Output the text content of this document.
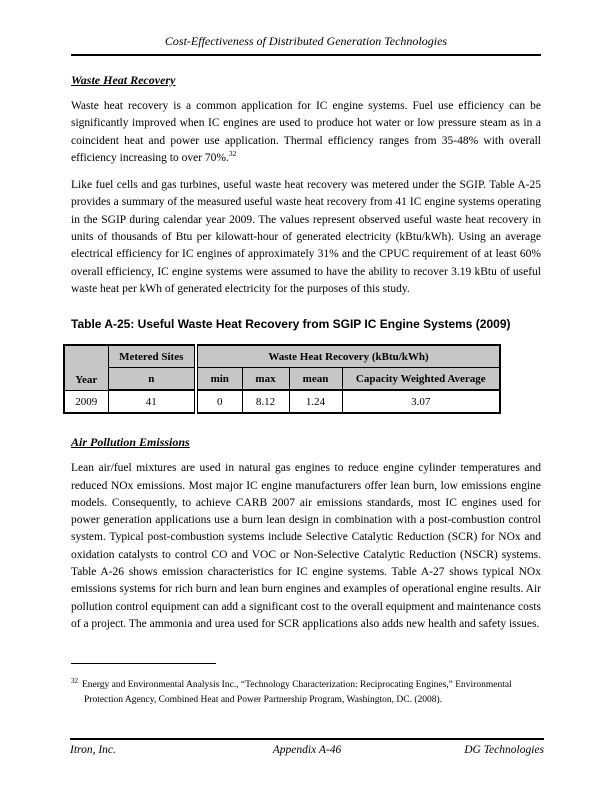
Cost-Effectiveness of Distributed Generation Technologies
Waste Heat Recovery

Waste heat recovery is a common application for IC engine systems. Fuel use efficiency can be significantly improved when IC engines are used to produce hot water or low pressure steam as in a coincident heat and power use application. Thermal efficiency ranges from 35-48% with overall efficiency increasing to over 70%.$^{32}$

Like fuel cells and gas turbines, useful waste heat recovery was metered under the SGIP. Table A-25 provides a summary of the measured useful waste heat recovery from 41 IC engine systems operating in the SGIP during calendar year 2009. The values represent observed useful waste heat recovery in units of thousands of Btu per kilowatt-hour of generated electricity (kBtu/kWh). Using an average electrical efficiency for IC engines of approximately 31% and the CPUC requirement of at least 60% overall efficiency, IC engine systems were assumed to have the ability to recover 3.19 kBtu of useful waste heat per kWh of generated electricity for the purposes of this study.

Table A-25: Useful Waste Heat Recovery from SGIP IC Engine Systems (2009)
Year	Metered Sites	Waste Heat Recovery (kBtu/kWh)			
	n	min	max	mean	Capacity Weighted Average
2009	41	0	8.12	1.24	3.07
Air Pollution Emissions

Lean air/fuel mixtures are used in natural gas engines to reduce engine cylinder temperatures and reduced NOx emissions. Most major IC engine manufacturers offer lean burn, low emissions engine models. Consequently, to achieve CARB 2007 air emissions standards, most IC engines used for power generation applications use a burn lean design in combination with a post-combustion control system. Typical post-combustion systems include Selective Catalytic Reduction (SCR) for NOx and oxidation catalysts to control CO and VOC or Non-Selective Catalytic Reduction (NSCR) systems. Table A-26 shows emission characteristics for IC engine systems. Table A-27 shows typical NOx emissions systems for rich burn and lean burn engines and examples of operational engine results. Air pollution control equipment can add a significant cost to the overall equipment and maintenance costs of a project. The ammonia and urea used for SCR applications also adds new health and safety issues.

$^{32}$ Energy and Environmental Analysis Inc., “Technology Characterization: Reciprocating Engines,” Environmental Protection Agency, Combined Heat and Power Partnership Program, Washington, DC. (2008).
Itron, Inc.	Appendix A-46	DG Technologies
